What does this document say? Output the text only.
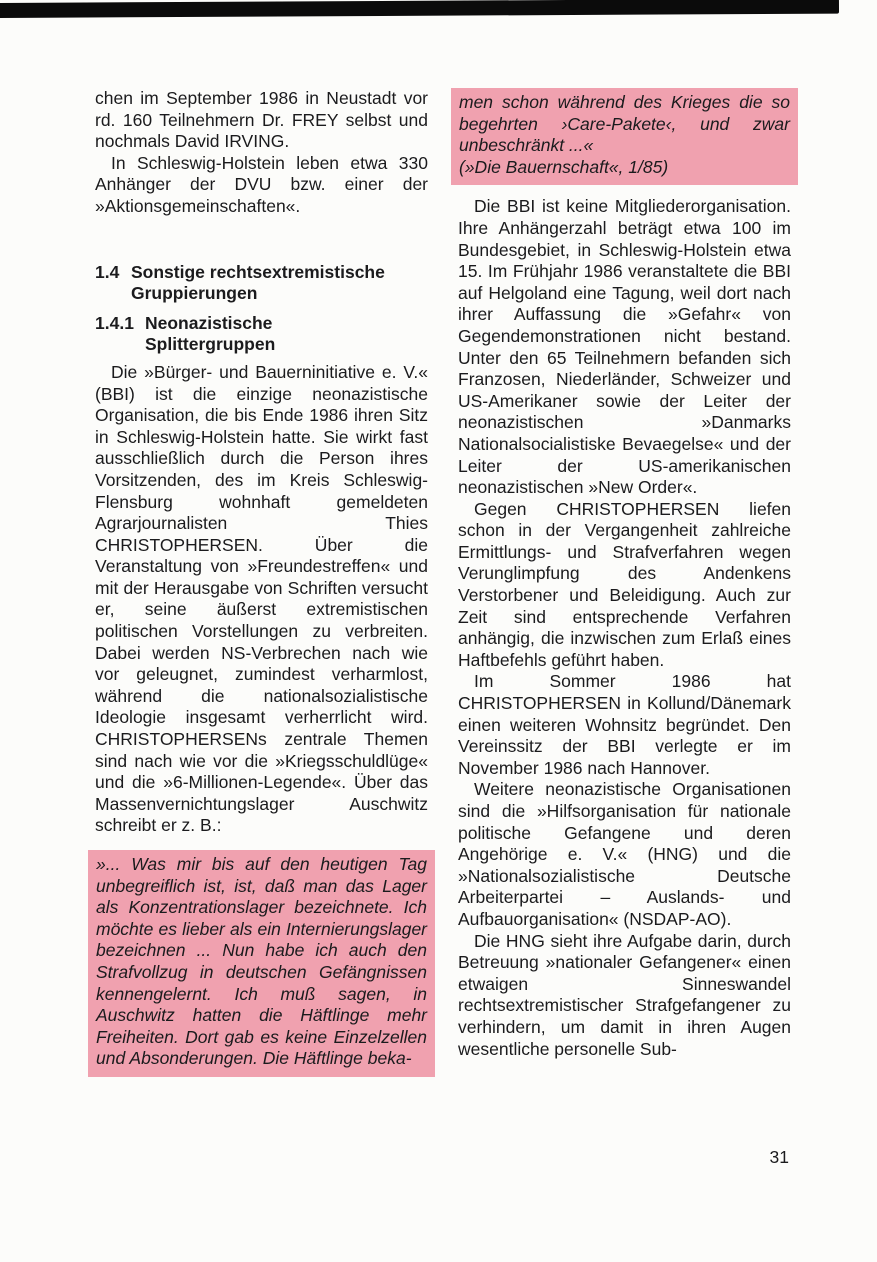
chen im September 1986 in Neustadt vor rd. 160 Teilnehmern Dr. FREY selbst und nochmals David IRVING.

In Schleswig-Holstein leben etwa 330 Anhänger der DVU bzw. einer der »Aktionsgemeinschaften«.

1.4 Sonstige rechtsextremistische Gruppierungen
1.4.1 Neonazistische Splittergruppen

Die »Bürger- und Bauerninitiative e. V.« (BBI) ist die einzige neonazistische Organisation, die bis Ende 1986 ihren Sitz in Schleswig-Holstein hatte. Sie wirkt fast ausschließlich durch die Person ihres Vorsitzenden, des im Kreis Schleswig-Flensburg wohnhaft gemeldeten Agrarjournalisten Thies CHRISTOPHERSEN. Über die Veranstaltung von »Freundestreffen« und mit der Herausgabe von Schriften versucht er, seine äußerst extremistischen politischen Vorstellungen zu verbreiten. Dabei werden NS-Verbrechen nach wie vor geleugnet, zumindest verharmlost, während die nationalsozialistische Ideologie insgesamt verherrlicht wird. CHRISTOPHERSENs zentrale Themen sind nach wie vor die »Kriegsschuldlüge« und die »6-Millionen-Legende«. Über das Massenvernichtungslager Auschwitz schreibt er z. B.:

»... Was mir bis auf den heutigen Tag unbegreiflich ist, ist, daß man das Lager als Konzentrationslager bezeichnete. Ich möchte es lieber als ein Internierungslager bezeichnen ... Nun habe ich auch den Strafvollzug in deutschen Gefängnissen kennengelernt. Ich muß sagen, in Auschwitz hatten die Häftlinge mehr Freiheiten. Dort gab es keine Einzelzellen und Absonderungen. Die Häftlinge beka-

men schon während des Krieges die so begehrten ›Care-Pakete‹, und zwar unbeschränkt ...«

(»Die Bauernschaft«, 1/85)

Die BBI ist keine Mitgliederorganisation. Ihre Anhängerzahl beträgt etwa 100 im Bundesgebiet, in Schleswig-Holstein etwa 15. Im Frühjahr 1986 veranstaltete die BBI auf Helgoland eine Tagung, weil dort nach ihrer Auffassung die »Gefahr« von Gegendemonstrationen nicht bestand. Unter den 65 Teilnehmern befanden sich Franzosen, Niederländer, Schweizer und US-Amerikaner sowie der Leiter der neonazistischen »Danmarks Nationalsocialistiske Bevaegelse« und der Leiter der US-amerikanischen neonazistischen »New Order«.

Gegen CHRISTOPHERSEN liefen schon in der Vergangenheit zahlreiche Ermittlungs- und Strafverfahren wegen Verunglimpfung des Andenkens Verstorbener und Beleidigung. Auch zur Zeit sind entsprechende Verfahren anhängig, die inzwischen zum Erlaß eines Haftbefehls geführt haben.

Im Sommer 1986 hat CHRISTOPHERSEN in Kollund/Dänemark einen weiteren Wohnsitz begründet. Den Vereinssitz der BBI verlegte er im November 1986 nach Hannover.

Weitere neonazistische Organisationen sind die »Hilfsorganisation für nationale politische Gefangene und deren Angehörige e. V.« (HNG) und die »Nationalsozialistische Deutsche Arbeiterpartei – Auslands- und Aufbauorganisation« (NSDAP-AO).

Die HNG sieht ihre Aufgabe darin, durch Betreuung »nationaler Gefangener« einen etwaigen Sinneswandel rechtsextremistischer Strafgefangener zu verhindern, um damit in ihren Augen wesentliche personelle Sub-

31
